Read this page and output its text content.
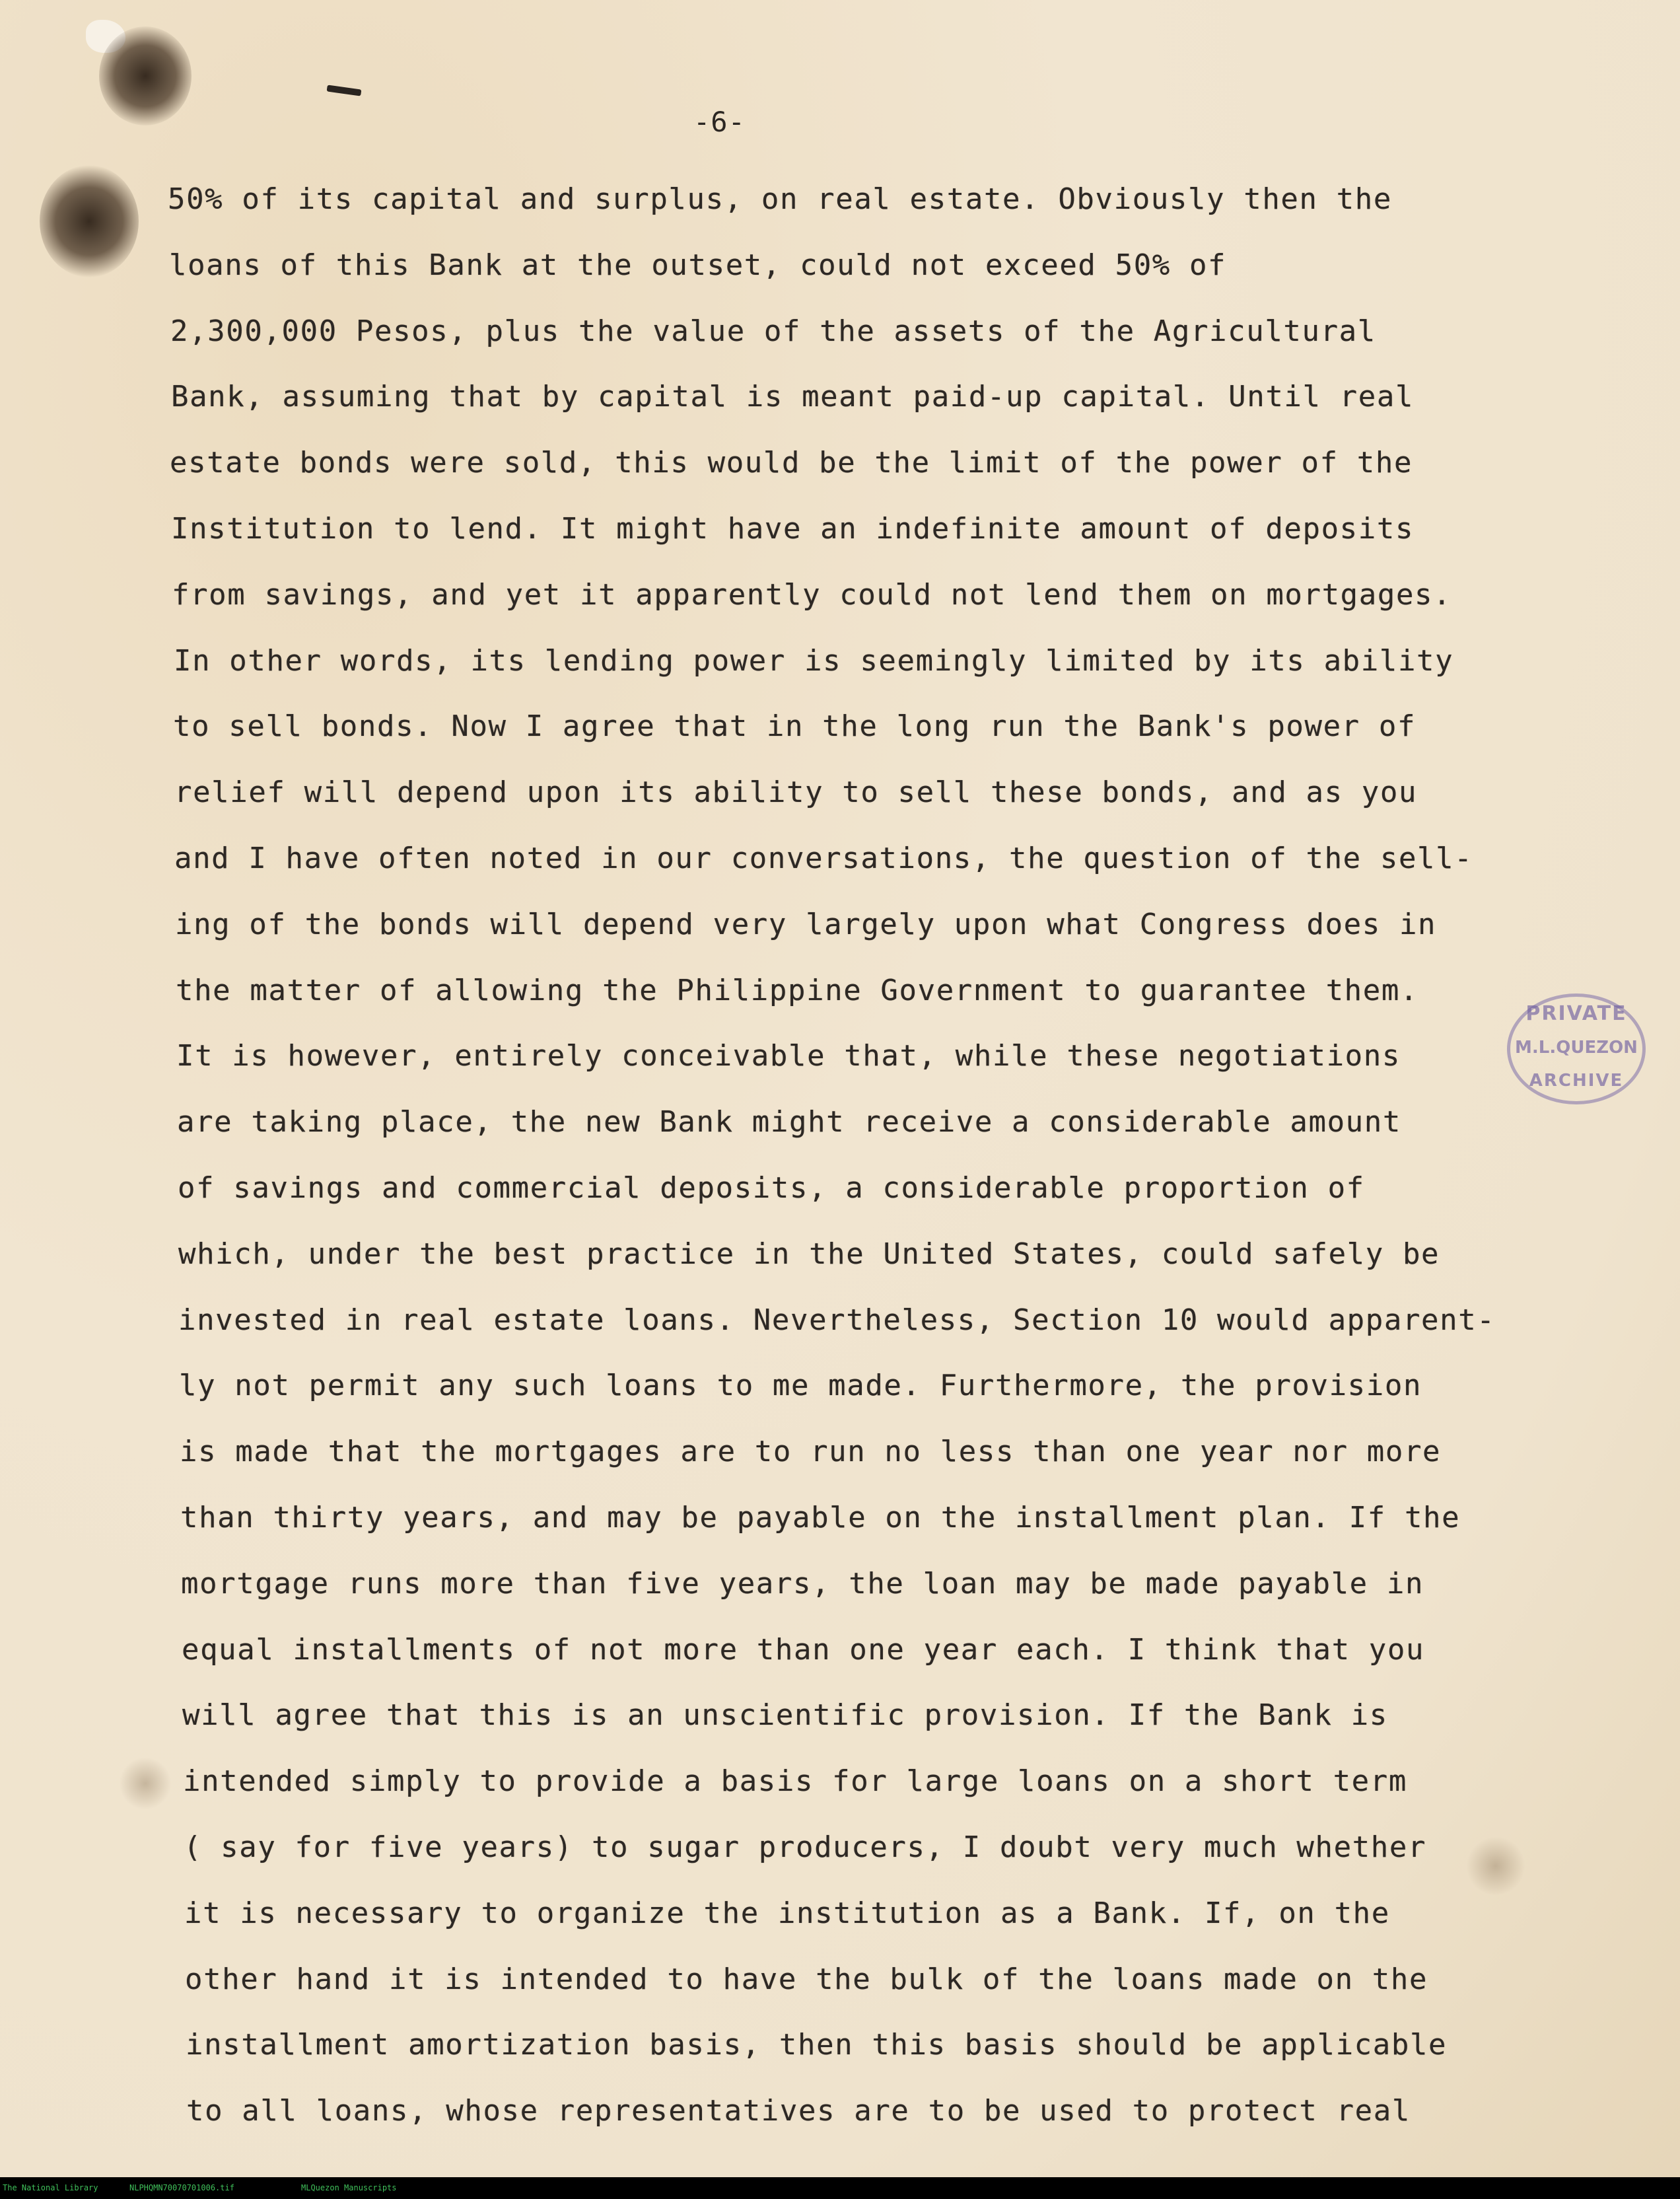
-6-
50% of its capital and surplus, on real estate. Obviously then the
loans of this Bank at the outset, could not exceed 50% of
2,300,000 Pesos, plus the value of the assets of the Agricultural
Bank, assuming that by capital is meant paid-up capital. Until real
estate bonds were sold, this would be the limit of the power of the
Institution to lend. It might have an indefinite amount of deposits
from savings, and yet it apparently could not lend them on mortgages.
In other words, its lending power is seemingly limited by its ability
to sell bonds. Now I agree that in the long run the Bank's power of
relief will depend upon its ability to sell these bonds, and as you
and I have often noted in our conversations, the question of the sell-
ing of the bonds will depend very largely upon what Congress does in
the matter of allowing the Philippine Government to guarantee them.
It is however, entirely conceivable that, while these negotiations
are taking place, the new Bank might receive a considerable amount
of savings and commercial deposits, a considerable proportion of
which, under the best practice in the United States, could safely be
invested in real estate loans. Nevertheless, Section 10 would apparent-
ly not permit any such loans to me made. Furthermore, the provision
is made that the mortgages are to run no less than one year nor more
than thirty years, and may be payable on the installment plan. If the
mortgage runs more than five years, the loan may be made payable in
equal installments of not more than one year each. I think that you
will agree that this is an unscientific provision. If the Bank is
intended simply to provide a basis for large loans on a short term
( say for five years) to sugar producers, I doubt very much whether
it is necessary to organize the institution as a Bank. If, on the
other hand it is intended to have the bulk of the loans made on the
installment amortization basis, then this basis should be applicable
to all loans, whose representatives are to be used to protect real
PRIVATE
M.L.QUEZON
ARCHIVE
The National Library	NLPHQMN70070701006.tif	MLQuezon Manuscripts
